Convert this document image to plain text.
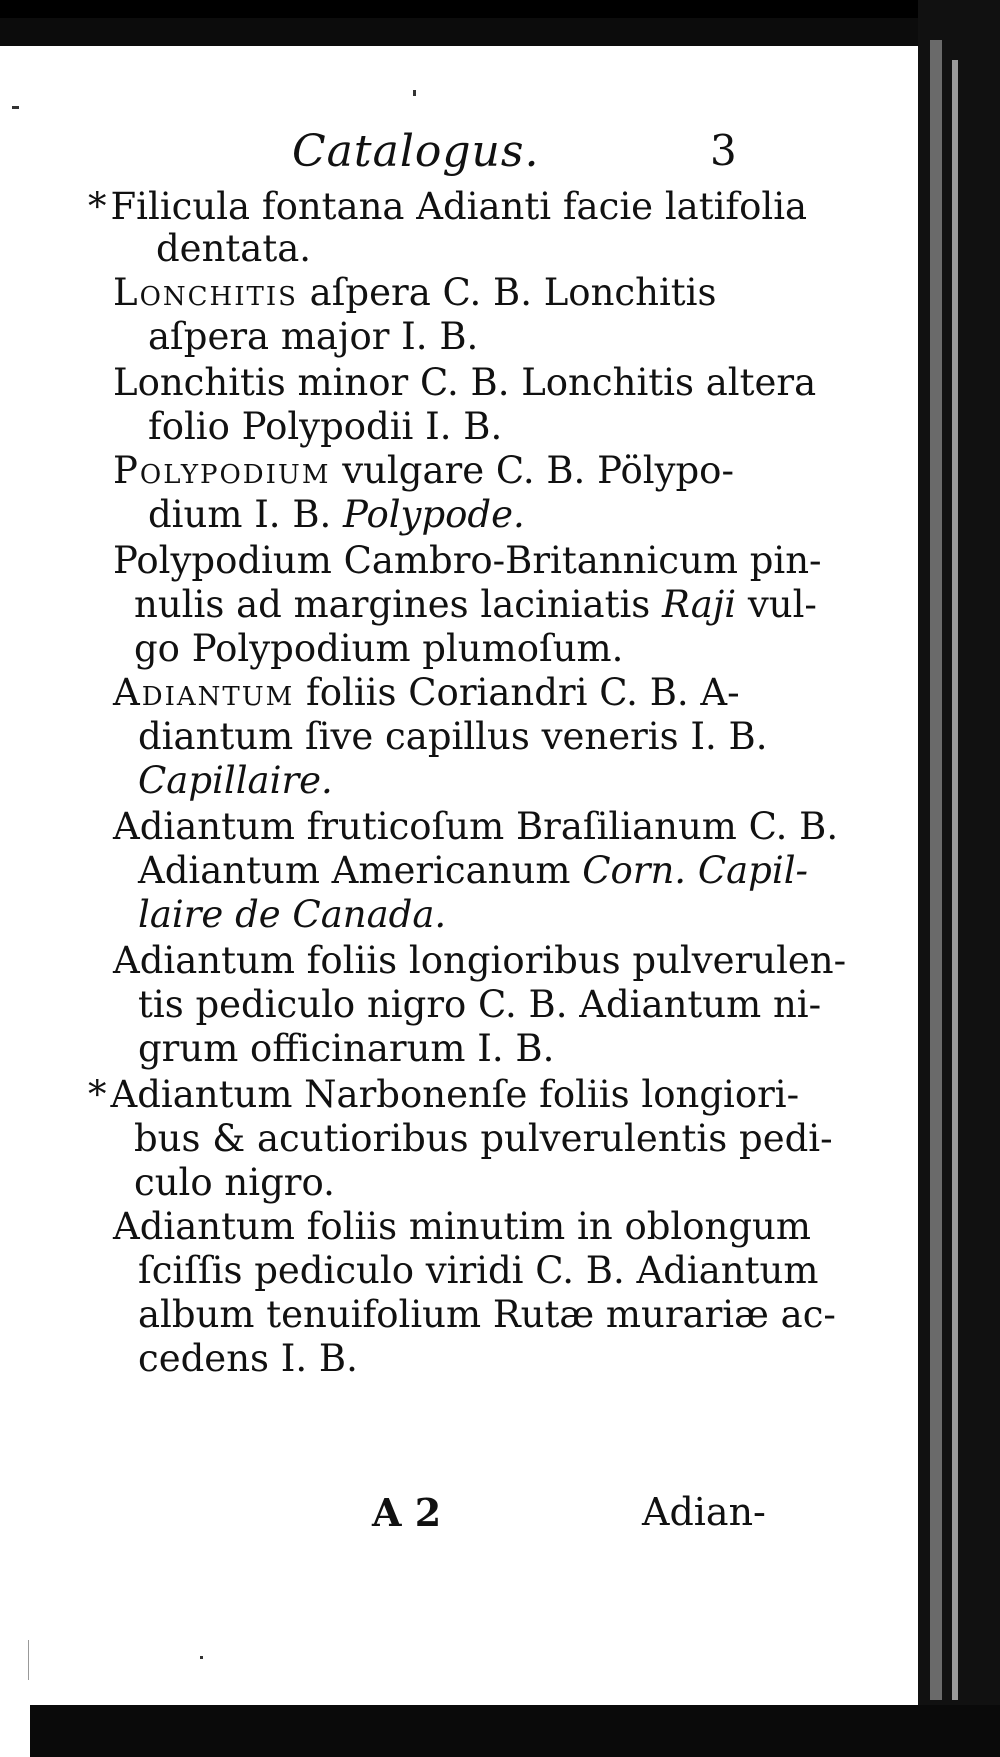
Catalogus.	3
* Filicula fontana Adianti facie latifolia
dentata.
Lonchitis aſpera C. B. Lonchitis
aſpera major I. B.
Lonchitis minor C. B. Lonchitis altera
folio Polypodii I. B.
Polypodium vulgare C. B. Pölypo-
dium I. B. Polypode.
Polypodium Cambro-Britannicum pin-
nulis ad margines laciniatis Raji vul-
go Polypodium plumoſum.
Adiantum foliis Coriandri C. B. A-
diantum ſive capillus veneris I. B.
Capillaire.
Adiantum fruticoſum Braſilianum C. B.
Adiantum Americanum Corn. Capil-
laire de Canada.
Adiantum foliis longioribus pulverulen-
tis pediculo nigro C. B. Adiantum ni-
grum officinarum I. B.
* Adiantum Narbonenſe foliis longiori-
bus & acutioribus pulverulentis pedi-
culo nigro.
Adiantum foliis minutim in oblongum
ſciſſis pediculo viridi C. B. Adiantum
album tenuifolium Rutæ murariæ ac-
cedens I. B.
A 2	Adian-
